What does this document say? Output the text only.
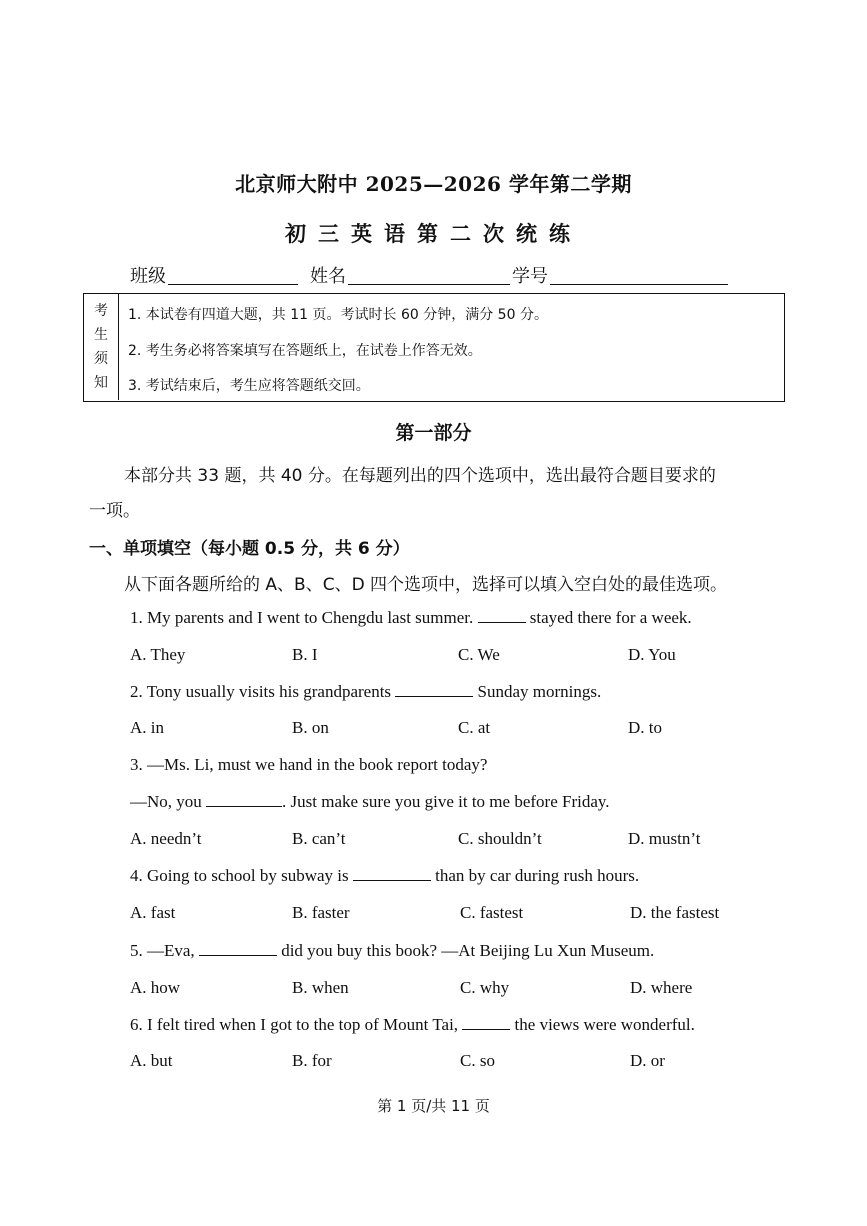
北京师大附中 2025—2026 学年第二学期
初三英语第二次统练
班级	姓名	学号
考
生
须
知
1. 本试卷有四道大题，共 11 页。考试时长 60 分钟，满分 50 分。
2. 考生务必将答案填写在答题纸上，在试卷上作答无效。
3. 考试结束后，考生应将答题纸交回。
第一部分
本部分共 33 题，共 40 分。在每题列出的四个选项中，选出最符合题目要求的
一项。
一、单项填空（每小题 0.5 分，共 6 分）
从下面各题所给的 A、B、C、D 四个选项中，选择可以填入空白处的最佳选项。
1. My parents and I went to Chengdu last summer.	stayed there for a week.
A. They	B. I	C. We	D. You
2. Tony usually visits his grandparents	Sunday mornings.
A. in	B. on	C. at	D. to
3. —Ms. Li, must we hand in the book report today?
—No, you	. Just make sure you give it to me before Friday.
A. needn’t	B. can’t	C. shouldn’t	D. mustn’t
4. Going to school by subway is	than by car during rush hours.
A. fast	B. faster	C. fastest	D. the fastest
5. —Eva,	did you buy this book? —At Beijing Lu Xun Museum.
A. how	B. when	C. why	D. where
6. I felt tired when I got to the top of Mount Tai,	the views were wonderful.
A. but	B. for	C. so	D. or
第 1 页/共 11 页
